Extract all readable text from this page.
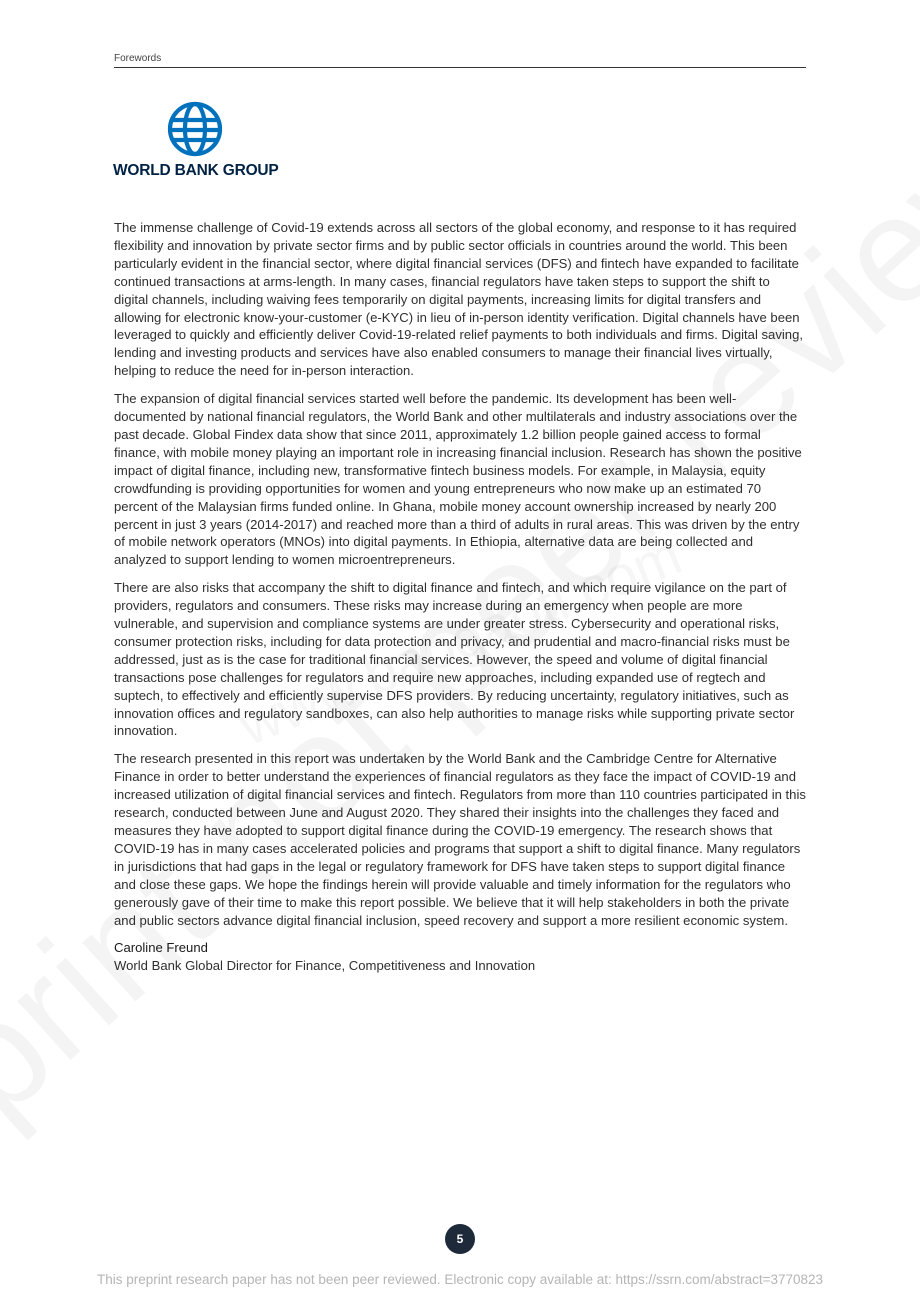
Forewords
WORLD BANK GROUP

The immense challenge of Covid-19 extends across all sectors of the global economy, and response to it has required flexibility and innovation by private sector firms and by public sector officials in countries around the world. This been particularly evident in the financial sector, where digital financial services (DFS) and fintech have expanded to facilitate continued transactions at arms-length. In many cases, financial regulators have taken steps to support the shift to digital channels, including waiving fees temporarily on digital payments, increasing limits for digital transfers and allowing for electronic know-your-customer (e-KYC) in lieu of in-person identity verification. Digital channels have been leveraged to quickly and efficiently deliver Covid-19-related relief payments to both individuals and firms. Digital saving, lending and investing products and services have also enabled consumers to manage their financial lives virtually, helping to reduce the need for in-person interaction.

The expansion of digital financial services started well before the pandemic. Its development has been well-documented by national financial regulators, the World Bank and other multilaterals and industry associations over the past decade. Global Findex data show that since 2011, approximately 1.2 billion people gained access to formal finance, with mobile money playing an important role in increasing financial inclusion. Research has shown the positive impact of digital finance, including new, transformative fintech business models. For example, in Malaysia, equity crowdfunding is providing opportunities for women and young entrepreneurs who now make up an estimated 70 percent of the Malaysian firms funded online. In Ghana, mobile money account ownership increased by nearly 200 percent in just 3 years (2014-2017) and reached more than a third of adults in rural areas. This was driven by the entry of mobile network operators (MNOs) into digital payments. In Ethiopia, alternative data are being collected and analyzed to support lending to women microentrepreneurs.

There are also risks that accompany the shift to digital finance and fintech, and which require vigilance on the part of providers, regulators and consumers. These risks may increase during an emergency when people are more vulnerable, and supervision and compliance systems are under greater stress. Cybersecurity and operational risks, consumer protection risks, including for data protection and privacy, and prudential and macro-financial risks must be addressed, just as is the case for traditional financial services. However, the speed and volume of digital financial transactions pose challenges for regulators and require new approaches, including expanded use of regtech and suptech, to effectively and efficiently supervise DFS providers. By reducing uncertainty, regulatory initiatives, such as innovation offices and regulatory sandboxes, can also help authorities to manage risks while supporting private sector innovation.

The research presented in this report was undertaken by the World Bank and the Cambridge Centre for Alternative Finance in order to better understand the experiences of financial regulators as they face the impact of COVID-19 and increased utilization of digital financial services and fintech. Regulators from more than 110 countries participated in this research, conducted between June and August 2020. They shared their insights into the challenges they faced and measures they have adopted to support digital finance during the COVID-19 emergency. The research shows that COVID-19 has in many cases accelerated policies and programs that support a shift to digital finance. Many regulators in jurisdictions that had gaps in the legal or regulatory framework for DFS have taken steps to support digital finance and close these gaps. We hope the findings herein will provide valuable and timely information for the regulators who generously gave of their time to make this report possible. We believe that it will help stakeholders in both the private and public sectors advance digital financial inclusion, speed recovery and support a more resilient economic system.

Caroline Freund
World Bank Global Director for Finance, Competitiveness and Innovation
5
This preprint research paper has not been peer reviewed. Electronic copy available at: https://ssrn.com/abstract=3770823
